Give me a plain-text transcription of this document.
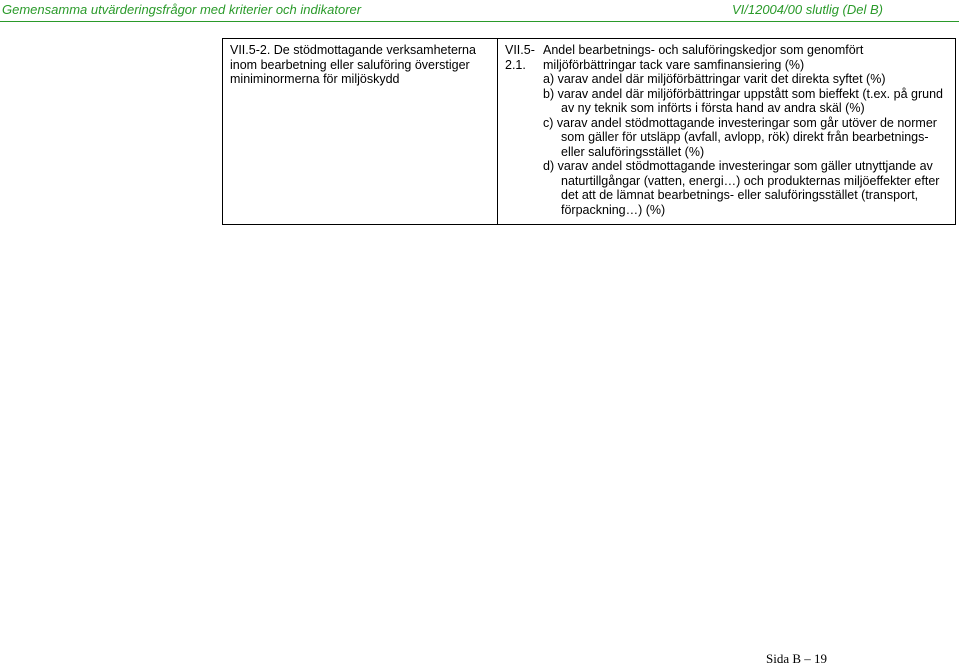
Gemensamma utvärderingsfrågor med kriterier och indikatorer	VI/12004/00 slutlig (Del B)
VII.5-2. De stödmottagande verksamheterna inom bearbetning eller saluföring överstiger miniminormerna för miljöskydd
VII.5- 2.1.
Andel bearbetnings- och saluföringskedjor som genomfört miljöförbättringar tack vare samfinansiering (%)
a) varav andel där miljöförbättringar varit det direkta syftet (%)
b) varav andel där miljöförbättringar uppstått som bieffekt (t.ex. på grund av ny teknik som införts i första hand av andra skäl (%)
c) varav andel stödmottagande investeringar som går utöver de normer som gäller för utsläpp (avfall, avlopp, rök) direkt från bearbetnings- eller saluföringsstället (%)
d) varav andel stödmottagande investeringar som gäller utnyttjande av naturtillgångar (vatten, energi…) och produkternas miljöeffekter efter det att de lämnat bearbetnings- eller saluföringsstället (transport, förpackning…) (%)
Sida B – 19
